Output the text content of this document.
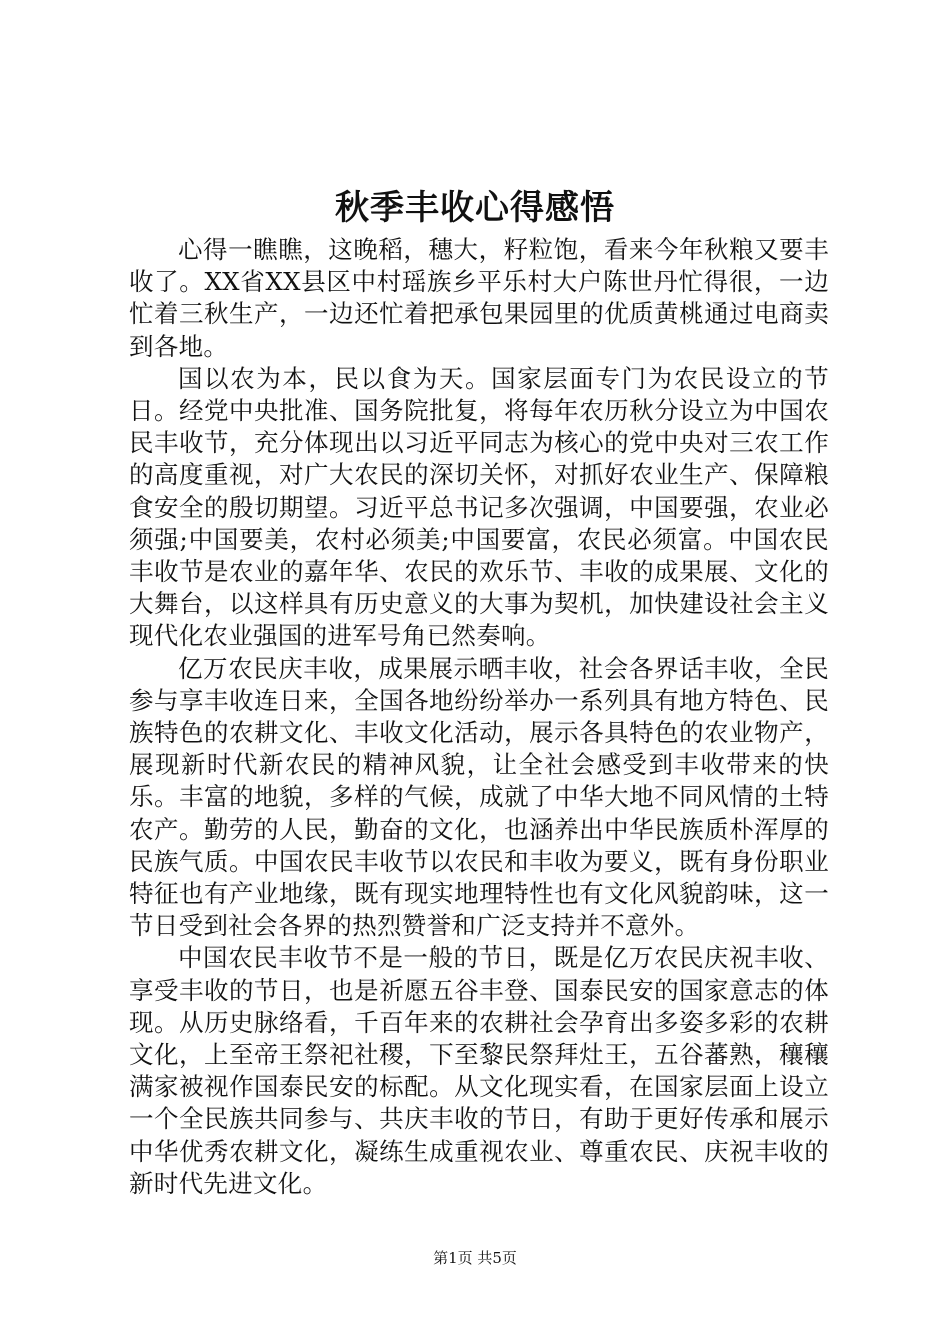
秋季丰收心得感悟

心得一瞧瞧，这晚稻，穗大，籽粒饱，看来今年秋粮又要丰收了。XX省XX县区中村瑶族乡平乐村大户陈世丹忙得很，一边忙着三秋生产，一边还忙着把承包果园里的优质黄桃通过电商卖到各地。

国以农为本，民以食为天。国家层面专门为农民设立的节日。经党中央批准、国务院批复，将每年农历秋分设立为中国农民丰收节，充分体现出以习近平同志为核心的党中央对三农工作的高度重视，对广大农民的深切关怀，对抓好农业生产、保障粮食安全的殷切期望。习近平总书记多次强调，中国要强，农业必须强;中国要美，农村必须美;中国要富，农民必须富。中国农民丰收节是农业的嘉年华、农民的欢乐节、丰收的成果展、文化的大舞台，以这样具有历史意义的大事为契机，加快建设社会主义现代化农业强国的进军号角已然奏响。

亿万农民庆丰收，成果展示晒丰收，社会各界话丰收，全民参与享丰收连日来，全国各地纷纷举办一系列具有地方特色、民族特色的农耕文化、丰收文化活动，展示各具特色的农业物产，展现新时代新农民的精神风貌，让全社会感受到丰收带来的快乐。丰富的地貌，多样的气候，成就了中华大地不同风情的土特农产。勤劳的人民，勤奋的文化，也涵养出中华民族质朴浑厚的民族气质。中国农民丰收节以农民和丰收为要义，既有身份职业特征也有产业地缘，既有现实地理特性也有文化风貌韵味，这一节日受到社会各界的热烈赞誉和广泛支持并不意外。

中国农民丰收节不是一般的节日，既是亿万农民庆祝丰收、享受丰收的节日，也是祈愿五谷丰登、国泰民安的国家意志的体现。从历史脉络看，千百年来的农耕社会孕育出多姿多彩的农耕文化，上至帝王祭祀社稷，下至黎民祭拜灶王，五谷蕃熟，穰穰满家被视作国泰民安的标配。从文化现实看，在国家层面上设立一个全民族共同参与、共庆丰收的节日，有助于更好传承和展示中华优秀农耕文化，凝练生成重视农业、尊重农民、庆祝丰收的新时代先进文化。

第1页 共5页
